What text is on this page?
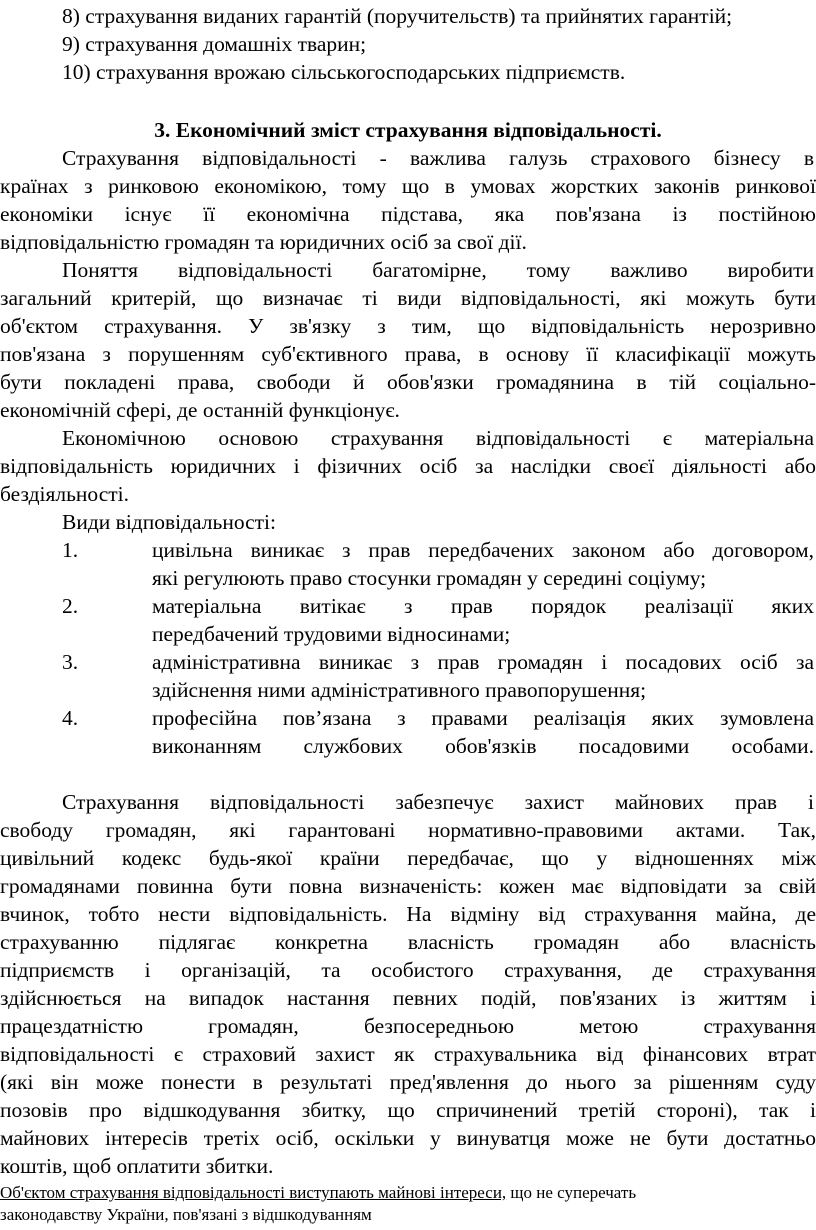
8) страхування виданих гарантій (поручительств) та прийнятих гарантій;
9) страхування домашніх тварин;
10) страхування врожаю сільськогосподарських підприємств.
3. Економічний зміст страхування відповідальності.
Страхування відповідальності - важлива галузь страхового бізнесу в
країнах з ринковою економікою, тому що в умовах жорстких законів ринкової
економіки існує її економічна підстава, яка пов'язана із постійною
відповідальністю громадян та юридичних осіб за свої дії.
Поняття відповідальності багатомірне, тому важливо виробити
загальний критерій, що визначає ті види відповідальності, які можуть бути
об'єктом страхування. У зв'язку з тим, що відповідальність нерозривно
пов'язана з порушенням суб'єктивного права, в основу її класифікації можуть
бути покладені права, свободи й обов'язки громадянина в тій соціально-
економічній сфері, де останній функціонує.
Економічною основою страхування відповідальності є матеріальна
відповідальність юридичних і фізичних осіб за наслідки своєї діяльності або
бездіяльності.
Види відповідальності:
1.	цивільна виникає з прав передбачених законом або договором,
які регулюють право стосунки громадян у середині соціуму;
2.	матеріальна витікає з прав порядок реалізації яких
передбачений трудовими відносинами;
3.	адміністративна виникає з прав громадян і посадових осіб за
здійснення ними адміністративного правопорушення;
4.	професійна пов’язана з правами реалізація яких зумовлена
виконанням службових обов'язків посадовими особами.
Страхування відповідальності забезпечує захист майнових прав і
свободу громадян, які гарантовані нормативно-правовими актами. Так,
цивільний кодекс будь-якої країни передбачає, що у відношеннях між
громадянами повинна бути повна визначеність: кожен має відповідати за свій
вчинок, тобто нести відповідальність. На відміну від страхування майна, де
страхуванню підлягає конкретна власність громадян або власність
підприємств і організацій, та особистого страхування, де страхування
здійснюється на випадок настання певних подій, пов'язаних із життям і
працездатністю громадян, безпосередньою метою страхування
відповідальності є страховий захист як страхувальника від фінансових втрат
(які він може понести в результаті пред'явлення до нього за рішенням суду
позовів про відшкодування збитку, що спричинений третій стороні), так і
майнових інтересів третіх осіб, оскільки у винуватця може не бути достатньо
коштів, щоб оплатити збитки.
Об'єктом страхування відповідальності виступають майнові інтереси, що не суперечать
законодавству України, пов'язані з відшкодуванням
